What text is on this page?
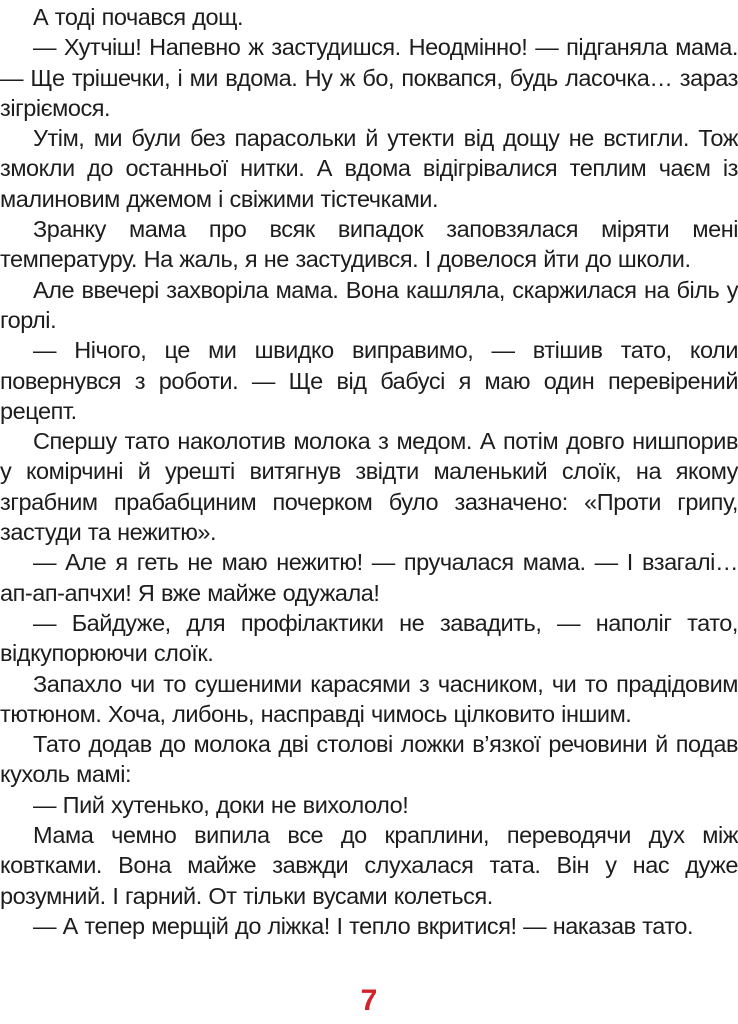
А тоді почався дощ.

— Хутчіш! Напевно ж застудишся. Неодмінно! — підганяла мама. — Ще трішечки, і ми вдома. Ну ж бо, поквапся, будь ласочка… зараз зігріємося.

Утім, ми були без парасольки й утекти від дощу не встигли. Тож змокли до останньої нитки. А вдома відігрівалися теплим чаєм із малиновим джемом і свіжими тістечками.

Зранку мама про всяк випадок заповзялася міряти мені температуру. На жаль, я не застудився. І довелося йти до школи.

Але ввечері захворіла мама. Вона кашляла, скаржилася на біль у горлі.

— Нічого, це ми швидко виправимо, — втішив тато, коли повернувся з роботи. — Ще від бабусі я маю один перевірений рецепт.

Спершу тато наколотив молока з медом. А потім довго нишпорив у комірчині й урешті витягнув звідти маленький слоїк, на якому зграбним прабабциним почерком було зазначено: «Проти грипу, застуди та нежитю».

— Але я геть не маю нежитю! — пручалася мама. — І взагалі… ап-ап-апчхи! Я вже майже одужала!

— Байдуже, для профілактики не завадить, — наполіг тато, відкупорюючи слоїк.

Запахло чи то сушеними карасями з часником, чи то прадідовим тютюном. Хоча, либонь, насправді чимось цілковито іншим.

Тато додав до молока дві столові ложки в’язкої речовини й подав кухоль мамі:

— Пий хутенько, доки не вихололо!

Мама чемно випила все до краплини, переводячи дух між ковтками. Вона майже завжди слухалася тата. Він у нас дуже розумний. І гарний. От тільки вусами колеться.

— А тепер мерщій до ліжка! І тепло вкритися! — наказав тато.

7
